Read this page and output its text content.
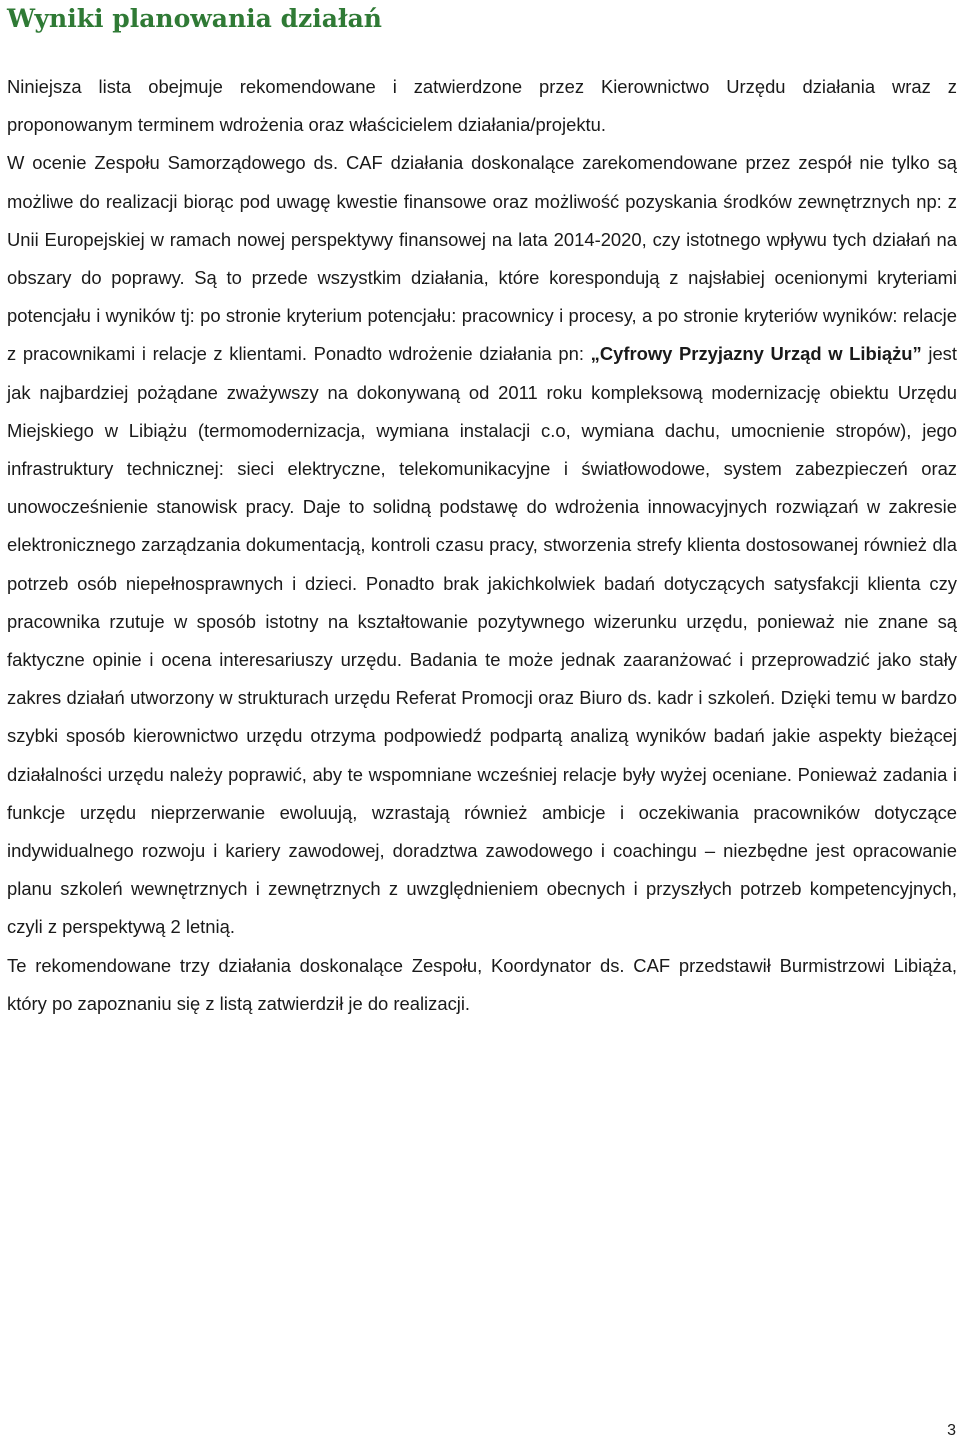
Wyniki planowania działań

Niniejsza lista obejmuje rekomendowane i zatwierdzone przez Kierownictwo Urzędu działania wraz z proponowanym terminem wdrożenia oraz właścicielem działania/projektu.

W ocenie Zespołu Samorządowego ds. CAF działania doskonalące zarekomendowane przez zespół nie tylko są możliwe do realizacji biorąc pod uwagę kwestie finansowe oraz możliwość pozyskania środków zewnętrznych np: z Unii Europejskiej w ramach nowej perspektywy finansowej na lata 2014-2020, czy istotnego wpływu tych działań na obszary do poprawy. Są to przede wszystkim działania, które korespondują z najsłabiej ocenionymi kryteriami potencjału i wyników tj: po stronie kryterium potencjału: pracownicy i procesy, a po stronie kryteriów wyników: relacje z pracownikami i relacje z klientami. Ponadto wdrożenie działania pn: „Cyfrowy Przyjazny Urząd w Libiążu” jest jak najbardziej pożądane zważywszy na dokonywaną od 2011 roku kompleksową modernizację obiektu Urzędu Miejskiego w Libiążu (termomodernizacja, wymiana instalacji c.o, wymiana dachu, umocnienie stropów), jego infrastruktury technicznej: sieci elektryczne, telekomunikacyjne i światłowodowe, system zabezpieczeń oraz unowocześnienie stanowisk pracy. Daje to solidną podstawę do wdrożenia innowacyjnych rozwiązań w zakresie elektronicznego zarządzania dokumentacją, kontroli czasu pracy, stworzenia strefy klienta dostosowanej również dla potrzeb osób niepełnosprawnych i dzieci. Ponadto brak jakichkolwiek badań dotyczących satysfakcji klienta czy pracownika rzutuje w sposób istotny na kształtowanie pozytywnego wizerunku urzędu, ponieważ nie znane są faktyczne opinie i ocena interesariuszy urzędu. Badania te może jednak zaaranżować i przeprowadzić jako stały zakres działań utworzony w strukturach urzędu Referat Promocji oraz Biuro ds. kadr i szkoleń. Dzięki temu w bardzo szybki sposób kierownictwo urzędu otrzyma podpowiedź podpartą analizą wyników badań jakie aspekty bieżącej działalności urzędu należy poprawić, aby te wspomniane wcześniej relacje były wyżej oceniane. Ponieważ zadania i funkcje urzędu nieprzerwanie ewoluują, wzrastają również ambicje i oczekiwania pracowników dotyczące indywidualnego rozwoju i kariery zawodowej, doradztwa zawodowego i coachingu – niezbędne jest opracowanie planu szkoleń wewnętrznych i zewnętrznych z uwzględnieniem obecnych i przyszłych potrzeb kompetencyjnych, czyli z perspektywą 2 letnią.

Te rekomendowane trzy działania doskonalące Zespołu, Koordynator ds. CAF przedstawił Burmistrzowi Libiąża, który po zapoznaniu się z listą zatwierdził je do realizacji.

3
